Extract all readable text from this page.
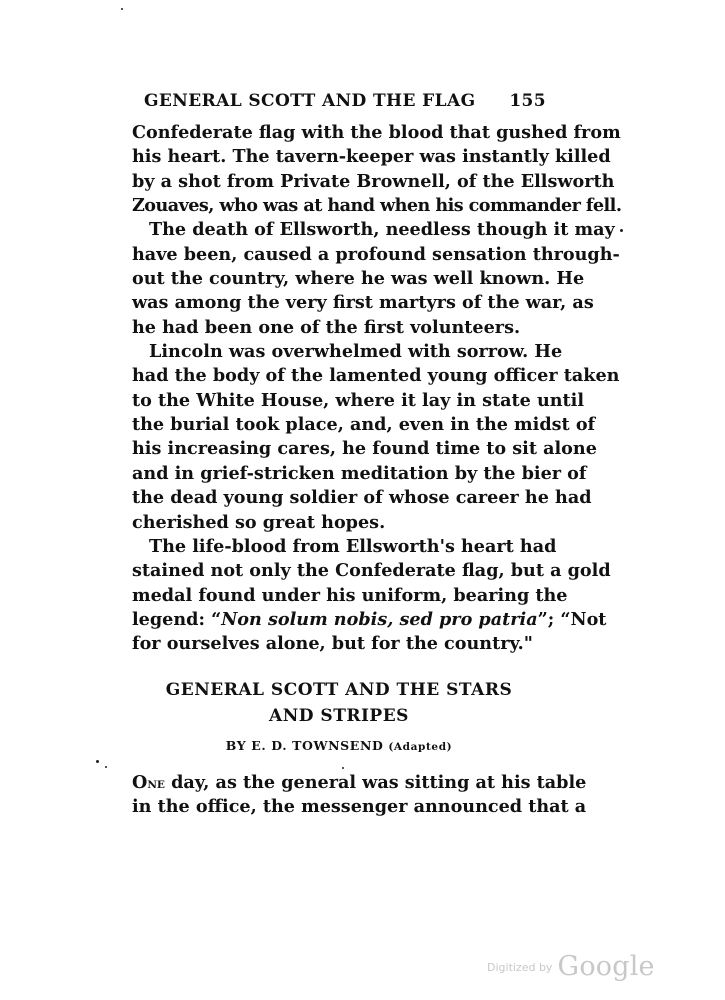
GENERAL SCOTT AND THE FLAG 155
Confederate flag with the blood that gushed from
his heart. The tavern-keeper was instantly killed
by a shot from Private Brownell, of the Ellsworth
Zouaves, who was at hand when his commander fell.
The death of Ellsworth, needless though it may
have been, caused a profound sensation through-
out the country, where he was well known. He
was among the very first martyrs of the war, as
he had been one of the first volunteers.
Lincoln was overwhelmed with sorrow. He
had the body of the lamented young officer taken
to the White House, where it lay in state until
the burial took place, and, even in the midst of
his increasing cares, he found time to sit alone
and in grief-stricken meditation by the bier of
the dead young soldier of whose career he had
cherished so great hopes.
The life-blood from Ellsworth's heart had
stained not only the Confederate flag, but a gold
medal found under his uniform, bearing the
legend: “Non solum nobis, sed pro patria”; “Not
for ourselves alone, but for the country."
GENERAL SCOTT AND THE STARS
AND STRIPES
BY E. D. TOWNSEND (Adapted)
ONE day, as the general was sitting at his table
in the office, the messenger announced that a
$^{Digitized by}$ Google
